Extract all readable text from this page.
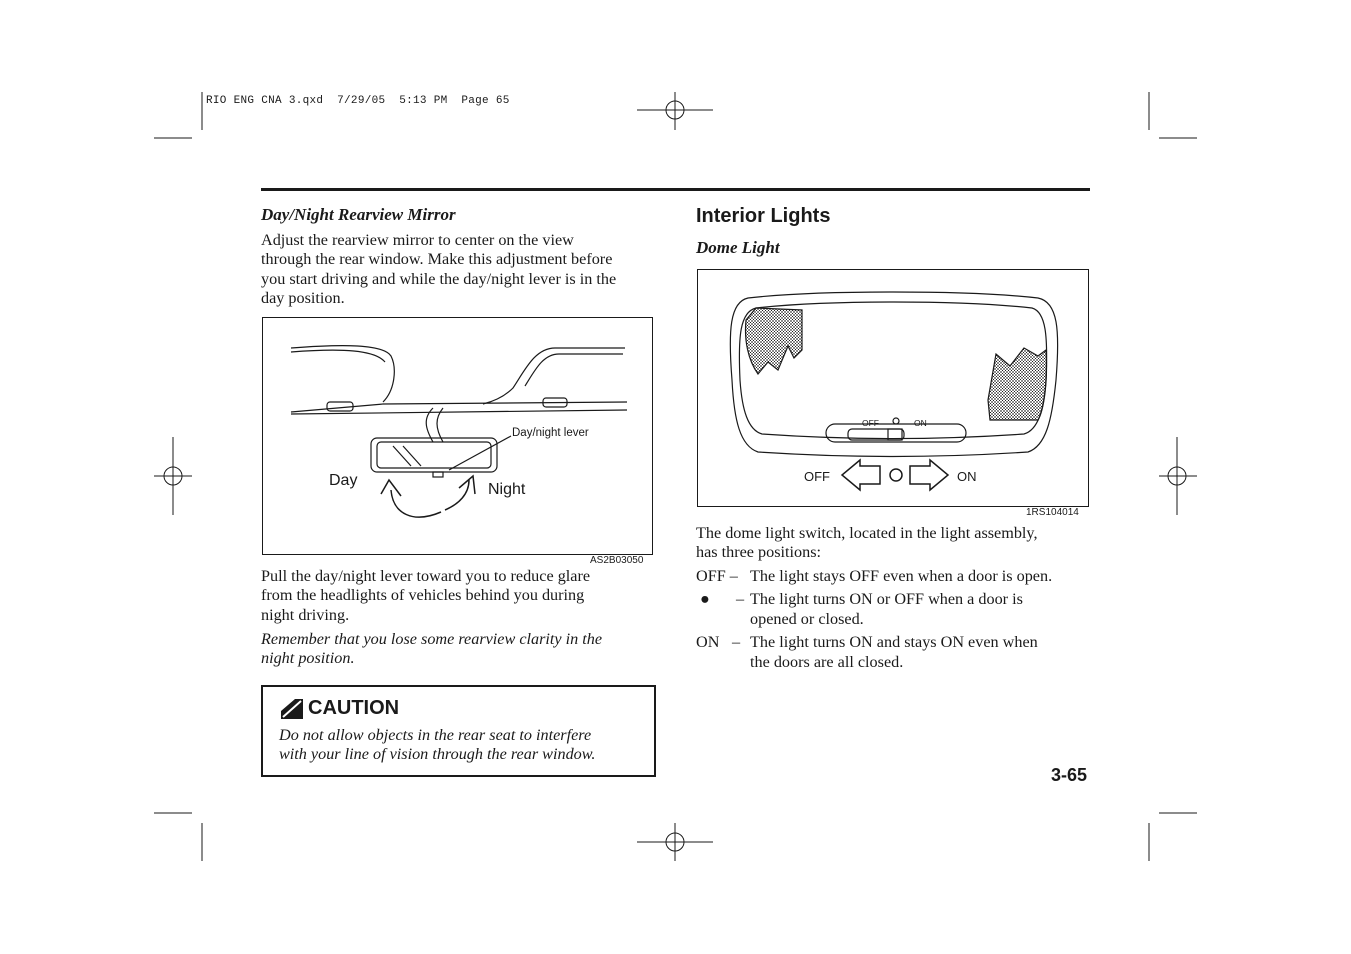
RIO ENG CNA 3.qxd  7/29/05  5:13 PM  Page 65
Day/Night Rearview Mirror
Adjust the rearview mirror to center on the view
through the rear window. Make this adjustment before
you start driving and while the day/night lever is in the
day position.
Day/night lever
Day
Night
AS2B03050
Pull the day/night lever toward you to reduce glare
from the headlights of vehicles behind you during
night driving.
Remember that you lose some rearview clarity in the
night position.
CAUTION
Do not allow objects in the rear seat to interfere
with your line of vision through the rear window.
Interior Lights
Dome Light
OFF	ON
OFF	ON
1RS104014
The dome light switch, located in the light assembly,
has three positions:
OFF – The light stays OFF even when a door is open.
●	– The light turns ON or OFF when a door is
opened or closed.
ON – The light turns ON and stays ON even when
the doors are all closed.
3-65
